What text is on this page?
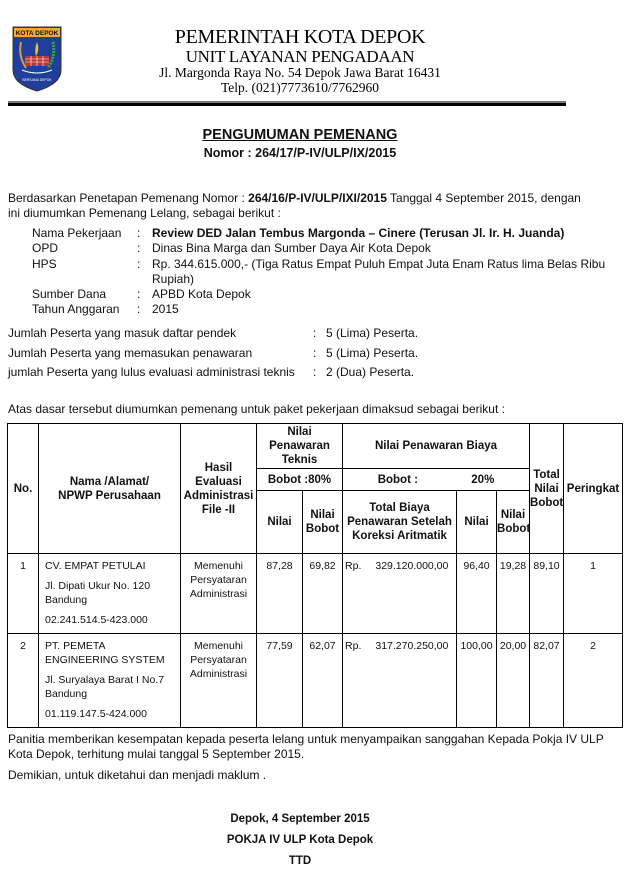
KOTA DEPOK
BERSAMA DEPOK
PEMERINTAH KOTA DEPOK
UNIT LAYANAN PENGADAAN
Jl. Margonda Raya No. 54 Depok Jawa Barat 16431
Telp. (021)7773610/7762960
PENGUMUMAN PEMENANG
Nomor : 264/17/P-IV/ULP/IX/2015
Berdasarkan Penetapan Pemenang Nomor : 264/16/P-IV/ULP/IXI/2015 Tanggal 4 September 2015, dengan
ini diumumkan Pemenang Lelang, sebagai berikut :
Nama Pekerjaan : Review DED Jalan Tembus Margonda – Cinere (Terusan Jl. Ir. H. Juanda)
OPD	: Dinas Bina Marga dan Sumber Daya Air Kota Depok
HPS	: Rp. 344.615.000,- (Tiga Ratus Empat Puluh Empat Juta Enam Ratus lima Belas Ribu
Rupiah)
Sumber Dana	: APBD Kota Depok
Tahun Anggaran : 2015
Jumlah Peserta yang masuk daftar pendek	: 5 (Lima) Peserta.
Jumlah Peserta yang memasukan penawaran	: 5 (Lima) Peserta.
jumlah Peserta yang lulus evaluasi administrasi teknis : 2 (Dua) Peserta.
Atas dasar tersebut diumumkan pemenang untuk paket pekerjaan dimaksud sebagai berikut :
No.	Nama /Alamat/ NPWP Perusahaan	Hasil Evaluasi Administrasi File -II	Nilai Penawaran Teknis		Nilai Penawaran Biaya			Total Nilai Bobot	Peringkat
			Bobot :80%		Bobot : 20%				

			Nilai	Nilai Bobot	Total Biaya Penawaran Setelah Koreksi Aritmatik	Nilai	Nilai Bobot		
1	CV. EMPAT PETULAI
Jl. Dipati Ukur No. 120 Bandung
02.241.514.5-423.000	Memenuhi Persyataran Administrasi	87,28	69,82	Rp. 329.120.000,00	96,40	19,28	89,10	1
2	PT. PEMETA ENGINEERING SYSTEM
Jl. Suryalaya Barat I No.7 Bandung
01.119.147.5-424.000	Memenuhi Persyataran Administrasi	77,59	62,07	Rp. 317.270.250,00	100,00	20,00	82,07	2
Panitia memberikan kesempatan kepada peserta lelang untuk menyampaikan sanggahan Kepada Pokja IV ULP
Kota Depok, terhitung mulai tanggal 5 September 2015.
Demikian, untuk diketahui dan menjadi maklum .
Depok, 4 September 2015
POKJA IV ULP Kota Depok
TTD
